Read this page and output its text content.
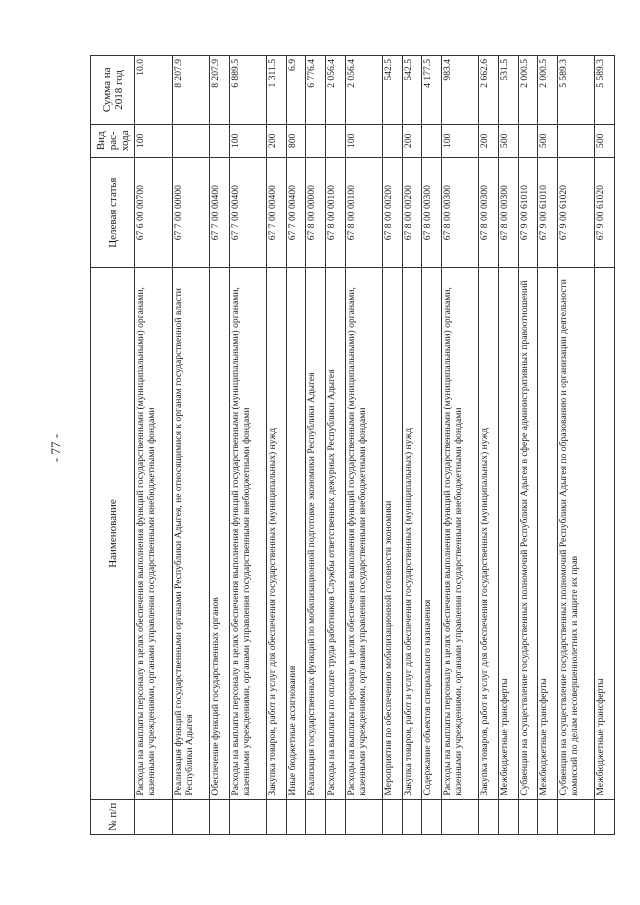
- 77 -
№ п/п	Наименование	Целевая статья	Вид рас-хода	Сумма на 2018 год
	Расходы на выплаты персоналу в целях обеспечения выполнения функций государственными (муниципальными) органами, казенными учреждениями, органами управления государственными внебюджетными фондами	67 6 00 00700	100	10.0
	Реализация функций государственными органами Республики Адыгея, не относящимися к органам государственной власти Республики Адыгея	67 7 00 00000		8 207.9
	Обеспечение функций государственных органов	67 7 00 00400		8 207.9
	Расходы на выплаты персоналу в целях обеспечения выполнения функций государственными (муниципальными) органами, казенными учреждениями, органами управления государственными внебюджетными фондами	67 7 00 00400	100	6 889.5
	Закупка товаров, работ и услуг для обеспечения государственных (муниципальных) нужд	67 7 00 00400	200	1 311.5
	Иные бюджетные ассигнования	67 7 00 00400	800	6.9
	Реализация государственных функций по мобилизационной подготовке экономики Республики Адыгея	67 8 00 00000		6 776.4
	Расходы на выплаты по оплате труда работников Службы ответственных дежурных Республики Адыгея	67 8 00 00100		2 056.4
	Расходы на выплаты персоналу в целях обеспечения выполнения функций государственными (муниципальными) органами, казенными учреждениями, органами управления государственными внебюджетными фондами	67 8 00 00100	100	2 056.4
	Мероприятия по обеспечению мобилизационной готовности экономики	67 8 00 00200		542.5
	Закупка товаров, работ и услуг для обеспечения государственных (муниципальных) нужд	67 8 00 00200	200	542.5
	Содержание объектов специального назначения	67 8 00 00300		4 177.5
	Расходы на выплаты персоналу в целях обеспечения выполнения функций государственными (муниципальными) органами, казенными учреждениями, органами управления государственными внебюджетными фондами	67 8 00 00300	100	983.4
	Закупка товаров, работ и услуг для обеспечения государственных (муниципальных) нужд	67 8 00 00300	200	2 662.6
	Межбюджетные трансферты	67 8 00 00300	500	531.5
	Субвенции на осуществление государственных полномочий Республики Адыгея в сфере административных правоотношений	67 9 00 61010		2 000.5
	Межбюджетные трансферты	67 9 00 61010	500	2 000.5
	Субвенции на осуществление государственных полномочий Республики Адыгея по образованию и организации деятельности комиссий по делам несовершеннолетних и защите их прав	67 9 00 61020		5 589.3
	Межбюджетные трансферты	67 9 00 61020	500	5 589.3
